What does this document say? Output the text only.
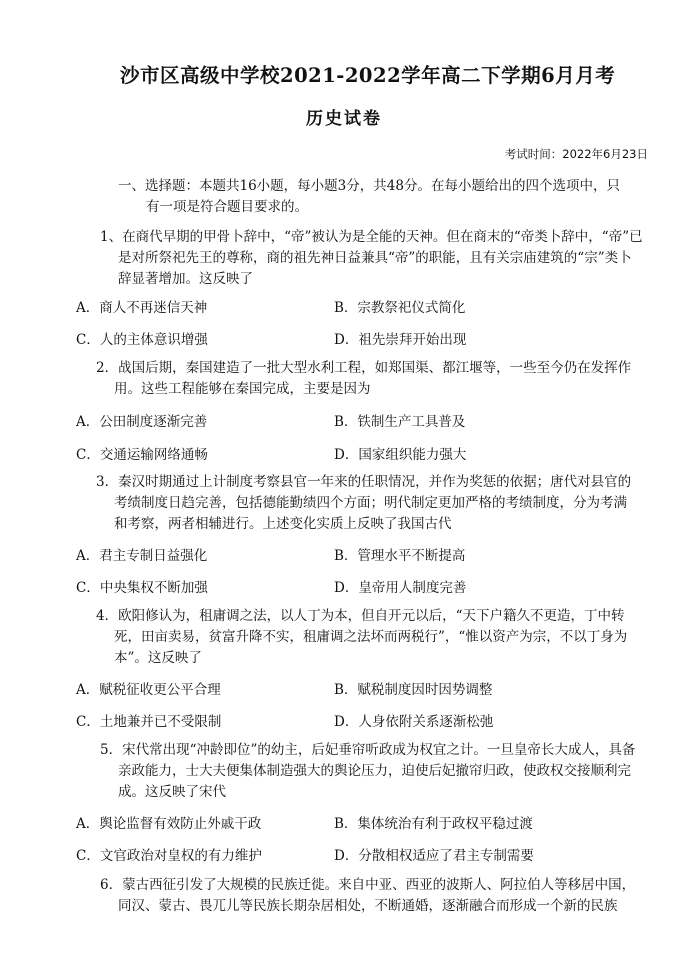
沙市区高级中学校2021-2022学年高二下学期6月月考
历史试卷
考试时间：2022年6月23日
一、选择题：本题共16小题，每小题3分，共48分。在每小题给出的四个选项中，只
有一项是符合题目要求的。
1、在商代早期的甲骨卜辞中，“帝”被认为是全能的天神。但在商末的“帝类卜辞中，“帝”已
是对所祭祀先王的尊称，商的祖先神日益兼具“帝”的职能，且有关宗庙建筑的“宗”类卜
辞显著增加。这反映了
A．商人不再迷信天神	B．宗教祭祀仪式简化
C．人的主体意识增强	D．祖先崇拜开始出现
2．战国后期，秦国建造了一批大型水利工程，如郑国渠、都江堰等，一些至今仍在发挥作
用。这些工程能够在秦国完成，主要是因为
A．公田制度逐渐完善	B．铁制生产工具普及
C．交通运输网络通畅	D．国家组织能力强大
3．秦汉时期通过上计制度考察县官一年来的任职情况，并作为奖惩的依据；唐代对县官的
考绩制度日趋完善，包括德能勤绩四个方面；明代制定更加严格的考绩制度，分为考满
和考察，两者相辅进行。上述变化实质上反映了我国古代
A．君主专制日益强化	B．管理水平不断提高
C．中央集权不断加强	D．皇帝用人制度完善
4．欧阳修认为，租庸调之法，以人丁为本，但自开元以后，“天下户籍久不更造，丁中转
死，田亩卖易，贫富升降不实，租庸调之法坏而两税行”，“惟以资产为宗，不以丁身为
本”。这反映了
A．赋税征收更公平合理	B．赋税制度因时因势调整
C．土地兼并已不受限制	D．人身依附关系逐渐松弛
5．宋代常出现“冲龄即位”的幼主，后妃垂帘听政成为权宜之计。一旦皇帝长大成人，具备
亲政能力，士大夫便集体制造强大的舆论压力，迫使后妃撤帘归政，使政权交接顺利完
成。这反映了宋代
A．舆论监督有效防止外戚干政	B．集体统治有利于政权平稳过渡
C．文官政治对皇权的有力维护	D．分散相权适应了君主专制需要
6．蒙古西征引发了大规模的民族迁徙。来自中亚、西亚的波斯人、阿拉伯人等移居中国，
同汉、蒙古、畏兀儿等民族长期杂居相处，不断通婚，逐渐融合而形成一个新的民族
